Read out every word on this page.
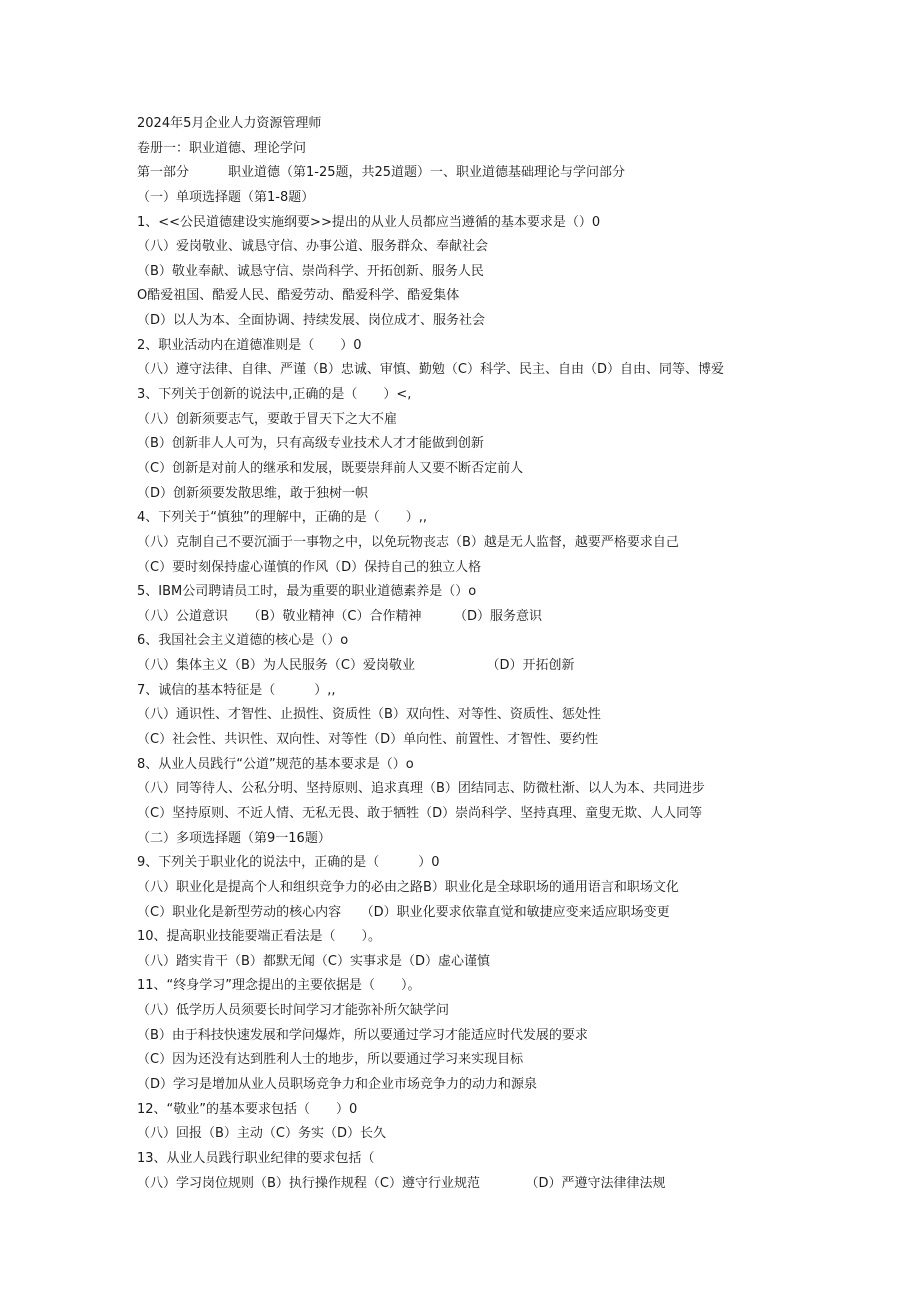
2024年5月企业人力资源管理师
卷册一：职业道德、理论学问
第一部分　　　职业道德（第1-25题，共25道题）一、职业道德基础理论与学问部分
（一）单项选择题（第1-8题）
1、<<公民道德建设实施纲要>>提出的从业人员都应当遵循的基本要求是（）0
（八）爱岗敬业、诚恳守信、办事公道、服务群众、奉献社会
（B）敬业奉献、诚恳守信、崇尚科学、开拓创新、服务人民
O酷爱祖国、酷爱人民、酷爱劳动、酷爱科学、酷爱集体
（D）以人为本、全面协调、持续发展、岗位成才、服务社会
2、职业活动内在道德准则是（　　）0
（八）遵守法律、自律、严谨（B）忠诚、审慎、勤勉（C）科学、民主、自由（D）自由、同等、博爱
3、下列关于创新的说法中,正确的是（　　）<,
（八）创新须要志气，要敢于冒天下之大不雇
（B）创新非人人可为，只有高级专业技术人才才能做到创新
（C）创新是对前人的继承和发展，既要崇拜前人又要不断否定前人
（D）创新须要发散思维，敢于独树一帜
4、下列关于“慎独”的理解中，正确的是（　　）,,
（八）克制自己不要沉湎于一事物之中，以免玩物丧志（B）越是无人监督，越要严格要求自己
（C）要时刻保持虚心谨慎的作风（D）保持自己的独立人格
5、IBM公司聘请员工时，最为重要的职业道德素养是（）o
（八）公道意识　　（B）敬业精神（C）合作精神　　　（D）服务意识
6、我国社会主义道德的核心是（）o
（八）集体主义（B）为人民服务（C）爱岗敬业　　　　　　（D）开拓创新
7、诚信的基本特征是（　　　）,,
（八）通识性、才智性、止损性、资质性（B）双向性、对等性、资质性、惩处性
（C）社会性、共识性、双向性、对等性（D）单向性、前置性、才智性、要约性
8、从业人员践行“公道”规范的基本要求是（）o
（八）同等待人、公私分明、坚持原则、追求真理（B）团结同志、防微杜渐、以人为本、共同进步
（C）坚持原则、不近人情、无私无畏、敢于牺牲（D）崇尚科学、坚持真理、童叟无欺、人人同等
（二）多项选择题（第9一16题）
9、下列关于职业化的说法中，正确的是（　　　）0
（八）职业化是提高个人和组织竞争力的必由之路B）职业化是全球职场的通用语言和职场文化
（C）职业化是新型劳动的核心内容　　（D）职业化要求依靠直觉和敏捷应变来适应职场变更
10、提高职业技能要端正看法是（　　）。
（八）踏实肯干（B）都默无闻（C）实事求是（D）虚心谨慎
11、“终身学习”理念提出的主要依据是（　　）。
（八）低学历人员须要长时间学习才能弥补所欠缺学问
（B）由于科技快速发展和学问爆炸，所以要通过学习才能适应时代发展的要求
（C）因为还没有达到胜利人士的地步，所以要通过学习来实现目标
（D）学习是增加从业人员职场竞争力和企业市场竞争力的动力和源泉
12、“敬业”的基本要求包括（　　）0
（八）回报（B）主动（C）务实（D）长久
13、从业人员践行职业纪律的要求包括（
（八）学习岗位规则（B）执行操作规程（C）遵守行业规范　　　　（D）严遵守法律律法规
